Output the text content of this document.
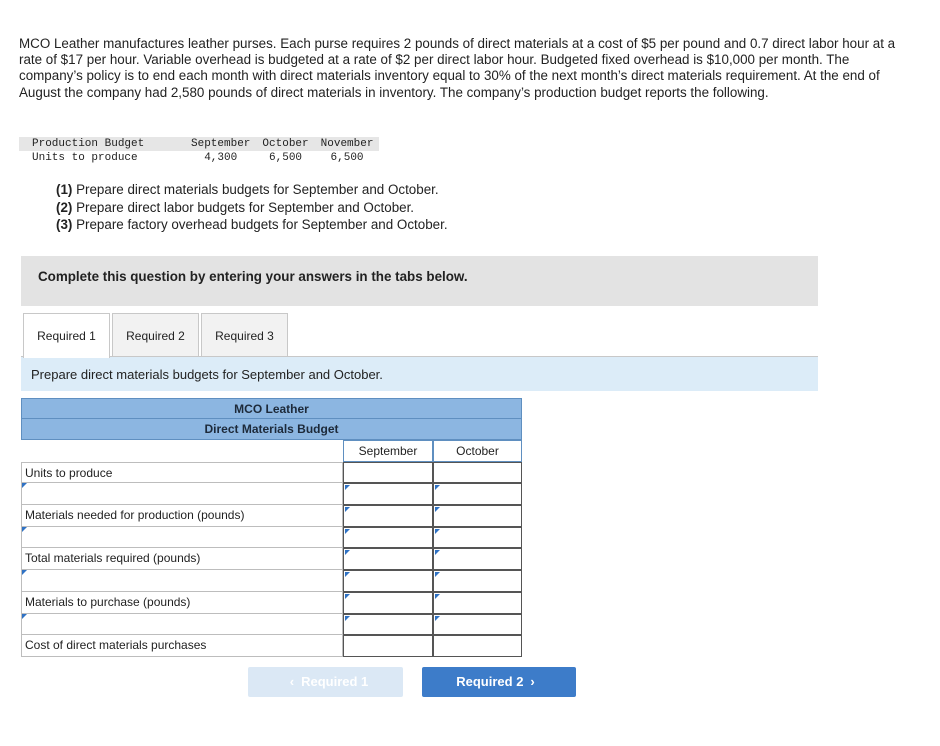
MCO Leather manufactures leather purses. Each purse requires 2 pounds of direct materials at a cost of $5 per pound and 0.7 direct labor hour at a rate of $17 per hour. Variable overhead is budgeted at a rate of $2 per direct labor hour. Budgeted fixed overhead is $10,000 per month. The company’s policy is to end each month with direct materials inventory equal to 30% of the next month’s direct materials requirement. At the end of August the company had 2,580 pounds of direct materials in inventory. The company’s production budget reports the following.
Production Budget	September	October	November
Units to produce	4,300	6,500	6,500
(1) Prepare direct materials budgets for September and October.
(2) Prepare direct labor budgets for September and October.
(3) Prepare factory overhead budgets for September and October.
Complete this question by entering your answers in the tabs below.
Required 1	Required 2	Required 3
Prepare direct materials budgets for September and October.
MCO Leather
Direct Materials Budget
September	October
Units to produce
Materials needed for production (pounds)
Total materials required (pounds)
Materials to purchase (pounds)
Cost of direct materials purchases
‹ Required 1	Required 2 ›
